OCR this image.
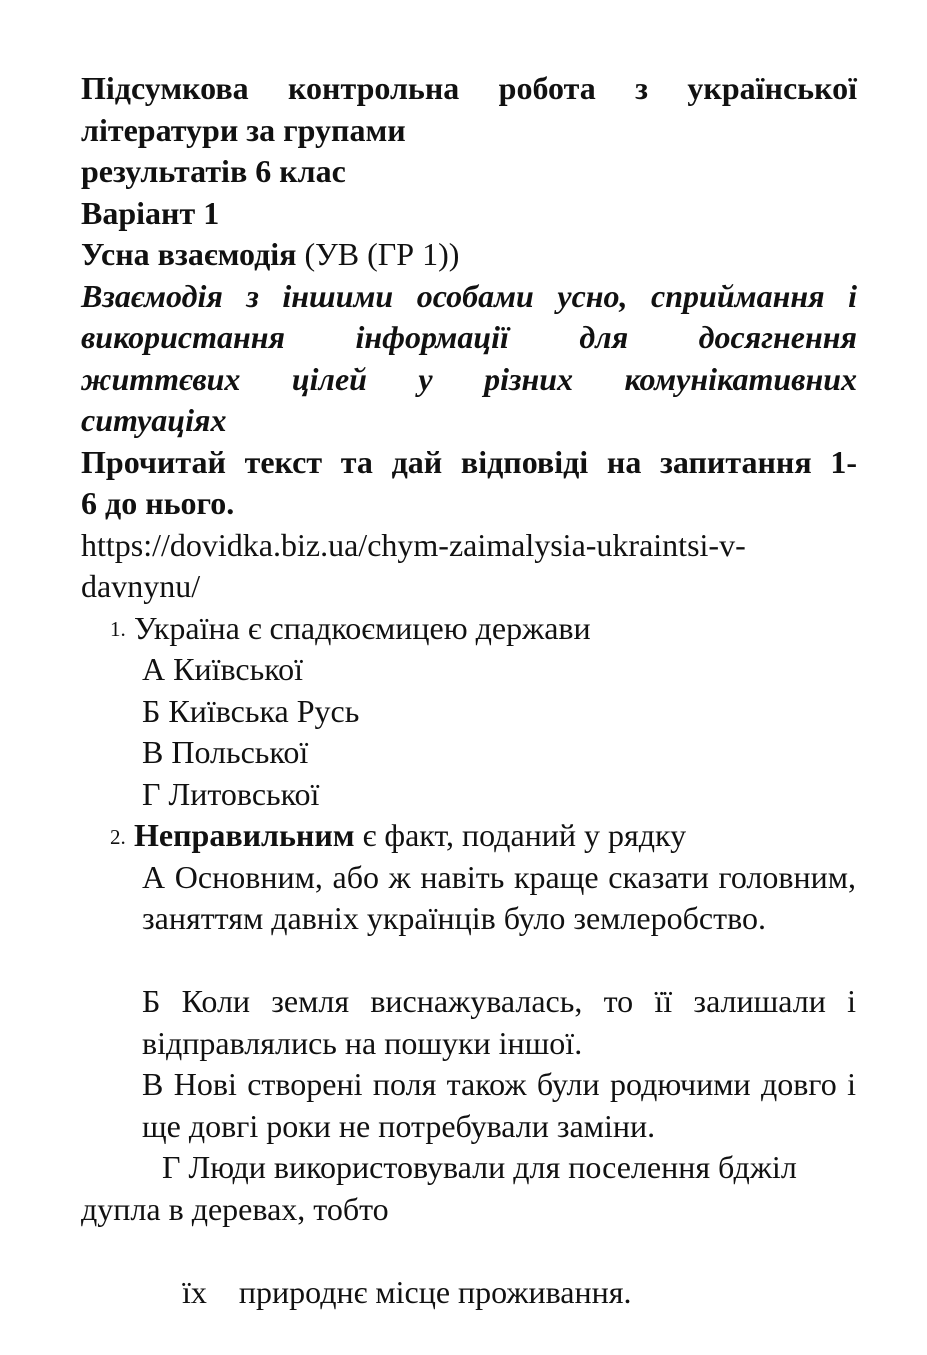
Підсумкова контрольна робота з української
літератури за групами
результатів 6 клас
Варіант 1
Усна взаємодія (УВ (ГР 1))
Взаємодія з іншими особами усно, сприймання і
використання інформації для досягнення
життєвих цілей у різних комунікативних
ситуаціях
Прочитай текст та дай відповіді на запитання 1-
6 до нього.
https://dovidka.biz.ua/chym-zaimalysia-ukraintsi-v-
davnynu/
1. Україна є спадкоємицею держави
А Київської
Б Київська Русь
В Польської
Г Литовської
2. Неправильним є факт, поданий у рядку
А Основним, або ж навіть краще сказати головним, заняттям давніх українців було землеробство.
Б Коли земля виснажувалась, то її залишали і відправлялись на пошуки іншої.
В Нові створені поля також були родючими довго і ще довгі роки не потребували заміни.
Г Люди використовували для поселення бджіл
дупла в деревах, тобто

їх    природнє місце проживання.
